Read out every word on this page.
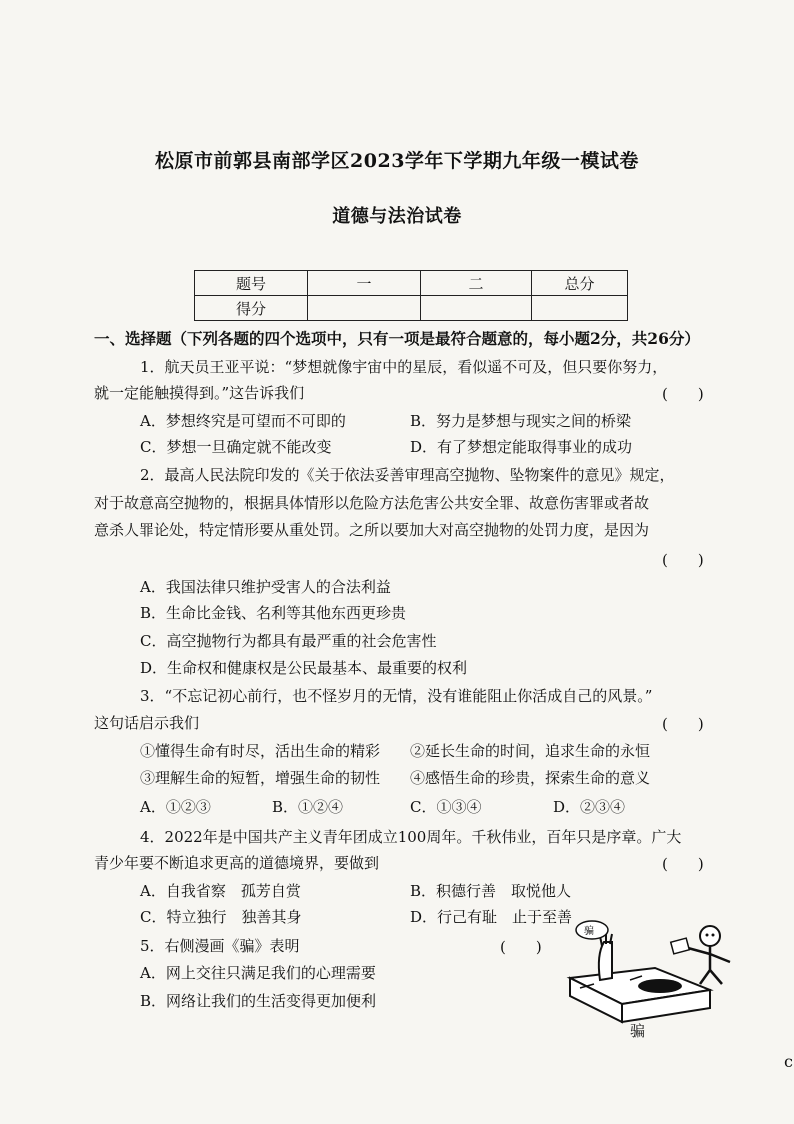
松原市前郭县南部学区2023学年下学期九年级一模试卷
道德与法治试卷
题号	一	二	总分
得分			
一、选择题（下列各题的四个选项中，只有一项是最符合题意的，每小题2分，共26分）
1．航天员王亚平说：“梦想就像宇宙中的星辰，看似遥不可及，但只要你努力，
就一定能触摸得到。”这告诉我们	(　　)
A．梦想终究是可望而不可即的	B．努力是梦想与现实之间的桥梁
C．梦想一旦确定就不能改变	D．有了梦想定能取得事业的成功
2．最高人民法院印发的《关于依法妥善审理高空抛物、坠物案件的意见》规定，
对于故意高空抛物的，根据具体情形以危险方法危害公共安全罪、故意伤害罪或者故
意杀人罪论处，特定情形要从重处罚。之所以要加大对高空抛物的处罚力度，是因为
(　　)
A．我国法律只维护受害人的合法利益
B．生命比金钱、名利等其他东西更珍贵
C．高空抛物行为都具有最严重的社会危害性
D．生命权和健康权是公民最基本、最重要的权利
3．“不忘记初心前行，也不怪岁月的无情，没有谁能阻止你活成自己的风景。”
这句话启示我们	(　　)
①懂得生命有时尽，活出生命的精彩 ②延长生命的时间，追求生命的永恒
③理解生命的短暂，增强生命的韧性 ④感悟生命的珍贵，探索生命的意义
A．①②③	B．①②④	C．①③④	D．②③④
4．2022年是中国共产主义青年团成立100周年。千秋伟业，百年只是序章。广大
青少年要不断追求更高的道德境界，要做到	(　　)
A．自我省察　孤芳自赏	B．积德行善　取悦他人
C．特立独行　独善其身	D．行己有耻　止于至善
5．右侧漫画《骗》表明	(　　)
A．网上交往只满足我们的心理需要
B．网络让我们的生活变得更加便利
骗
骗
ⅽ
